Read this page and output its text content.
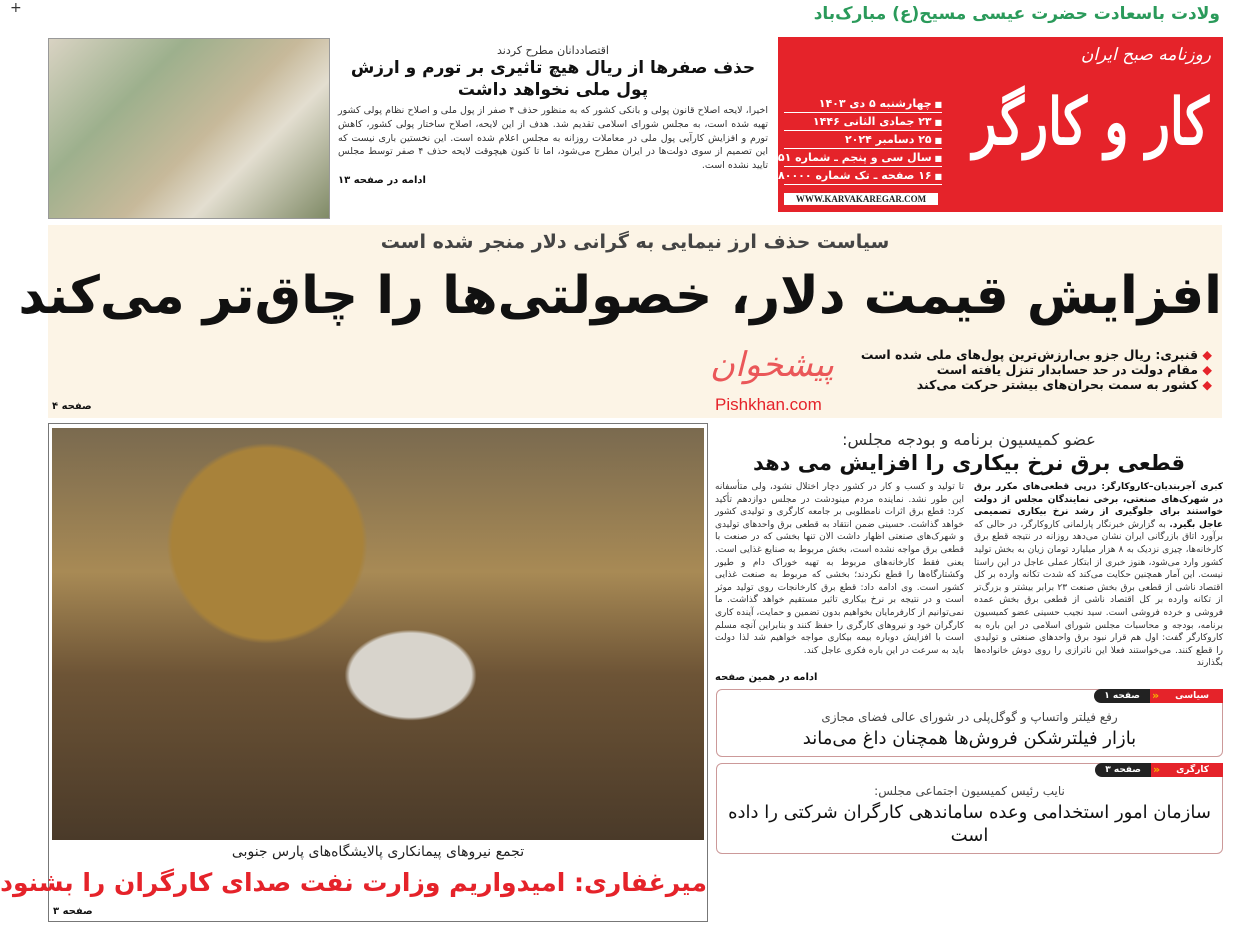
+	ولادت باسعادت حضرت عیسی مسیح(ع) مبارک‌باد
روزنامه صبح ایران
کار و کارگر
■ چهارشنبه ۵ دی ۱۴۰۳
■ ۲۳ جمادی الثانی ۱۴۴۶
■ ۲۵ دسامبر ۲۰۲۴
■ سال سی و پنجم ـ شماره ۹۶۵۱
■ ۱۶ صفحه ـ تک شماره ۸۰۰۰۰ ریال
WWW.KARVAKAREGAR.COM
اقتصاددانان مطرح کردند
حذف صفرها از ریال هیچ تاثیری بر تورم و ارزش پول ملی نخواهد داشت

اخیرا، لایحه اصلاح قانون پولی و بانکی کشور که به منظور حذف ۴ صفر از پول ملی و اصلاح نظام پولی کشور تهیه شده است، به مجلس شورای اسلامی تقدیم شد. هدف از این لایحه، اصلاح ساختار پولی کشور، کاهش تورم و افزایش کارآیی پول ملی در معاملات روزانه به مجلس اعلام شده است. این نخستین باری نیست که این تصمیم از سوی دولت‌ها در ایران مطرح می‌شود، اما تا کنون هیچوقت لایحه حذف ۴ صفر توسط مجلس تایید نشده است.

ادامه در صفحه ۱۳
سیاست حذف ارز نیمایی به گرانی دلار منجر شده است
افزایش قیمت دلار، خصولتی‌ها را چاق‌تر می‌کند
◆ قنبری: ریال جزو بی‌ارزش‌ترین پول‌های ملی شده است
◆ مقام دولت در حد حسابدار تنزل یافته است
◆ کشور به سمت بحران‌های بیشتر حرکت می‌کند
صفحه ۴
پیشخوان
Pishkhan.com
تجمع نیروهای پیمانکاری پالایشگاه‌های پارس جنوبی
میرغفاری: امیدواریم وزارت نفت صدای کارگران را بشنود
صفحه ۳
عضو کمیسیون برنامه و بودجه مجلس:
قطعی برق نرخ بیکاری را افزایش می دهد
کبری آجربندیان–کاروکارگر: درپی قطعی‌های مکرر برق در شهرک‌های صنعتی، برخی نمایندگان مجلس از دولت خواستند برای جلوگیری از رشد نرخ بیکاری تصمیمی عاجل بگیرد. به گزارش خبرنگار پارلمانی کاروکارگر، در حالی که برآورد اتاق بازرگانی ایران نشان می‌دهد روزانه در نتیجه قطع برق کارخانه‌ها، چیزی نزدیک به ۸ هزار میلیارد تومان زیان به بخش تولید کشور وارد می‌شود، هنوز خبری از ابتکار عملی عاجل در این راستا نیست. این آمار همچنین حکایت می‌کند که شدت تکانه وارده بر کل اقتصاد ناشی از قطعی برق بخش صنعت ۲۳ برابر بیشتر و بزرگ‌تر از تکانه وارده بر کل اقتصاد ناشی از قطعی برق بخش عمده فروشی و خرده فروشی است. سید نجیب حسینی عضو کمیسیون برنامه، بودجه و محاسبات مجلس شورای اسلامی در این باره به کاروکارگر گفت: اول هم قرار نبود برق واحدهای صنعتی و تولیدی را قطع کنند. می‌خواستند فعلا این ناترازی را روی دوش خانواده‌ها بگذارند
تا تولید و کسب و کار در کشور دچار اختلال نشود، ولی متأسفانه این طور نشد. نماینده مردم مینودشت در مجلس دوازدهم تأکید کرد: قطع برق اثرات نامطلوبی بر جامعه کارگری و تولیدی کشور خواهد گذاشت. حسینی ضمن انتقاد به قطعی برق واحدهای تولیدی و شهرک‌های صنعتی اظهار داشت الان تنها بخشی که در صنعت با قطعی برق مواجه نشده است، بخش مربوط به صنایع غذایی است. یعنی فقط کارخانه‌های مربوط به تهیه خوراک دام و طیور وکشتارگاه‌ها را قطع نکردند؛ بخشی که مربوط به صنعت غذایی کشور است. وی ادامه داد: قطع برق کارخانجات روی تولید موثر است و در نتیجه بر نرخ بیکاری تاثیر مستقیم خواهد گذاشت. ما نمی‌توانیم از کارفرمایان بخواهیم بدون تضمین و حمایت، آینده کاری کارگران خود و نیروهای کارگری را حفظ کنند و بنابراین آنچه مسلم است با افزایش دوباره بیمه بیکاری مواجه خواهیم شد لذا دولت باید به سرعت در این باره فکری عاجل کند.
ادامه در همین صفحه
سیاسی
«
صفحه ۱
رفع فیلتر واتساپ و گوگل‌پلی در شورای عالی فضای مجازی
بازار فیلترشکن فروش‌ها همچنان داغ می‌ماند
کارگری
«
صفحه ۳
نایب رئیس کمیسیون اجتماعی مجلس:
سازمان امور استخدامی وعده ساماندهی کارگران شرکتی را داده است
